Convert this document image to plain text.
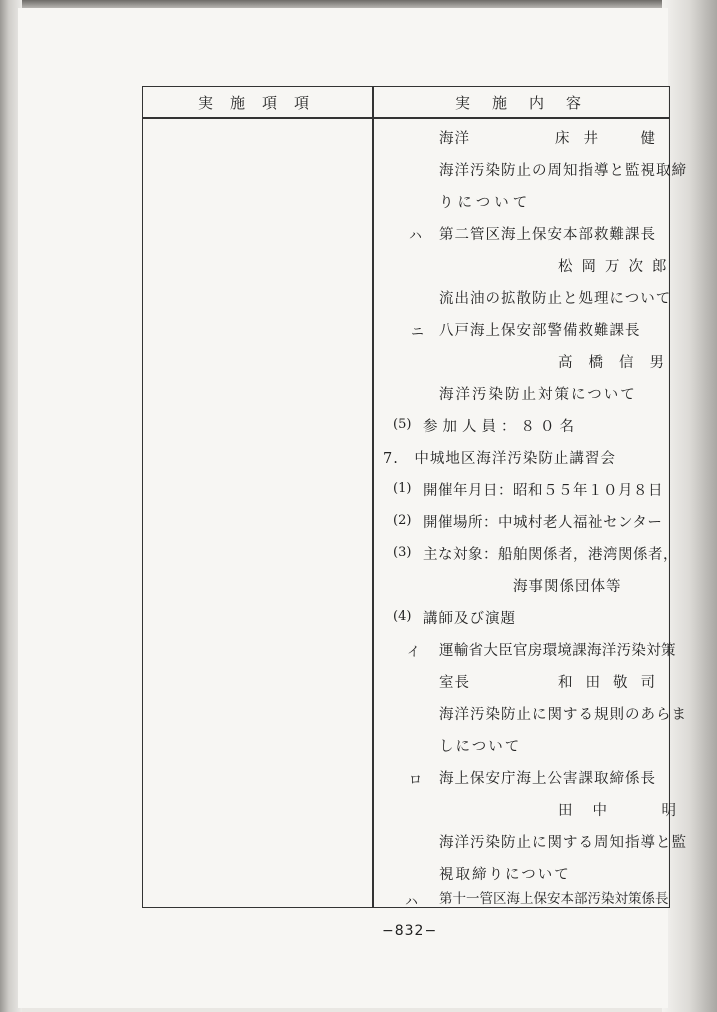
実施項項	実施内容
海洋	床井　健
海洋汚染防止の周知指導と監視取締
りについて
ハ 第二管区海上保安本部救難課長
松岡万次郎
流出油の拡散防止と処理について
ニ 八戸海上保安部警備救難課長
高橋信男
海洋汚染防止対策について
(5) 参加人員：８０名
7.　中城地区海洋汚染防止講習会
(1) 開催年月日：昭和５５年１０月８日
(2) 開催場所：中城村老人福祉センター
(3) 主な対象：船舶関係者，港湾関係者，
海事関係団体等
(4) 講師及び演題
イ 運輸省大臣官房環境課海洋汚染対策
室長	和田敬司
海洋汚染防止に関する規則のあらま
しについて
ロ 海上保安庁海上公害課取締係長
田中　明
海洋汚染防止に関する周知指導と監
視取締りについて
ハ 第十一管区海上保安本部汚染対策係長
−832−
